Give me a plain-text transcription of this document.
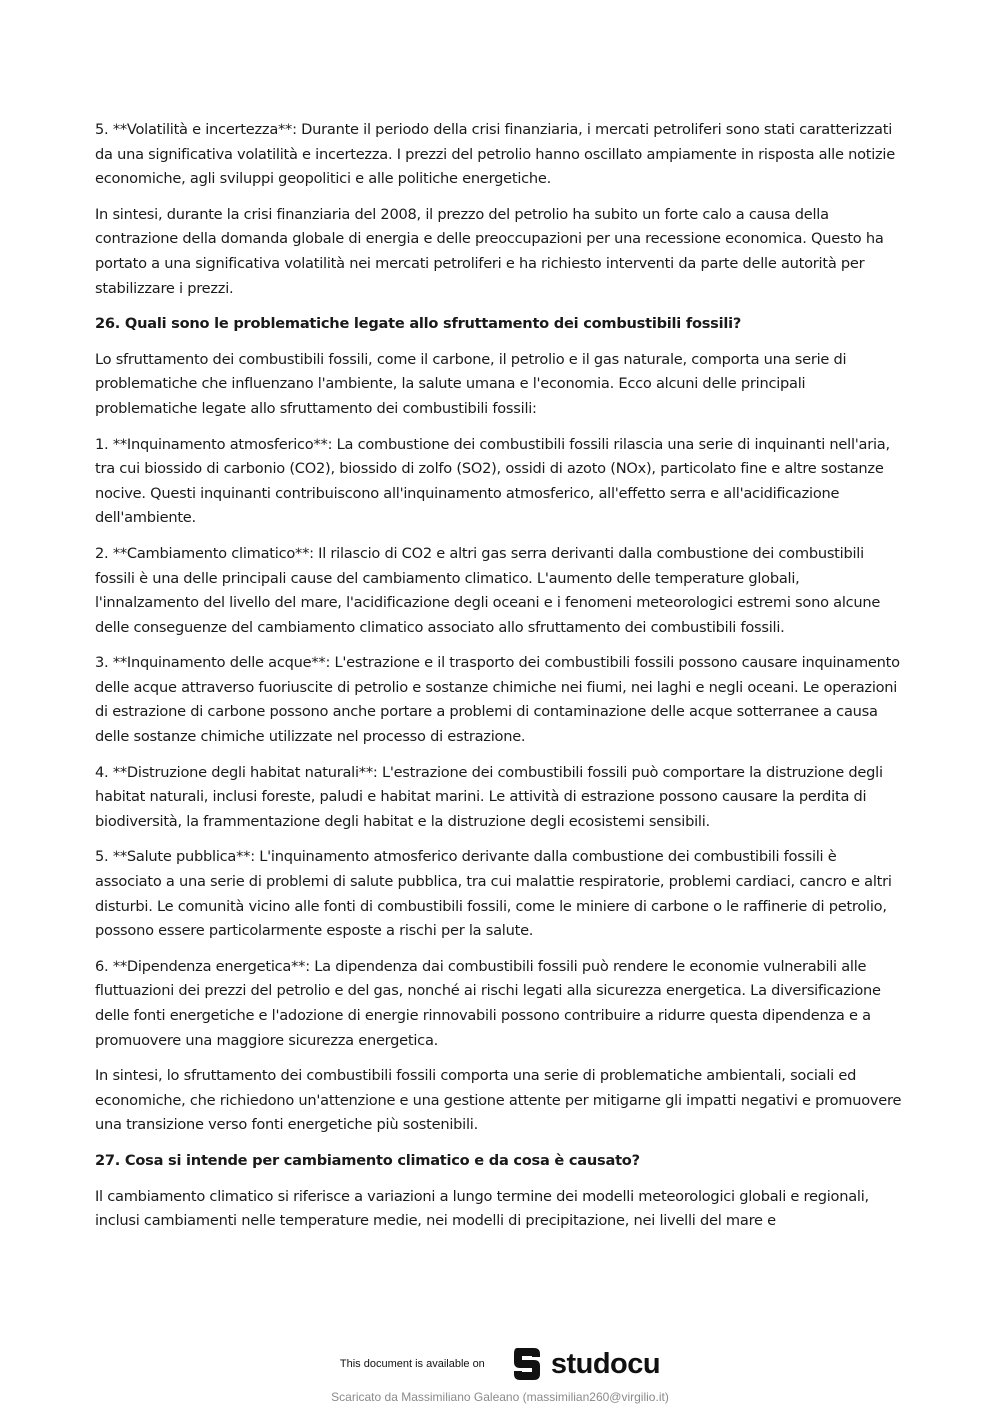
5. **Volatilità e incertezza**: Durante il periodo della crisi finanziaria, i mercati petroliferi sono stati caratterizzati da una significativa volatilità e incertezza. I prezzi del petrolio hanno oscillato ampiamente in risposta alle notizie economiche, agli sviluppi geopolitici e alle politiche energetiche.

In sintesi, durante la crisi finanziaria del 2008, il prezzo del petrolio ha subito un forte calo a causa della contrazione della domanda globale di energia e delle preoccupazioni per una recessione economica. Questo ha portato a una significativa volatilità nei mercati petroliferi e ha richiesto interventi da parte delle autorità per stabilizzare i prezzi.

26. Quali sono le problematiche legate allo sfruttamento dei combustibili fossili?

Lo sfruttamento dei combustibili fossili, come il carbone, il petrolio e il gas naturale, comporta una serie di problematiche che influenzano l'ambiente, la salute umana e l'economia. Ecco alcuni delle principali problematiche legate allo sfruttamento dei combustibili fossili:

1. **Inquinamento atmosferico**: La combustione dei combustibili fossili rilascia una serie di inquinanti nell'aria, tra cui biossido di carbonio (CO2), biossido di zolfo (SO2), ossidi di azoto (NOx), particolato fine e altre sostanze nocive. Questi inquinanti contribuiscono all'inquinamento atmosferico, all'effetto serra e all'acidificazione dell'ambiente.

2. **Cambiamento climatico**: Il rilascio di CO2 e altri gas serra derivanti dalla combustione dei combustibili fossili è una delle principali cause del cambiamento climatico. L'aumento delle temperature globali, l'innalzamento del livello del mare, l'acidificazione degli oceani e i fenomeni meteorologici estremi sono alcune delle conseguenze del cambiamento climatico associato allo sfruttamento dei combustibili fossili.

3. **Inquinamento delle acque**: L'estrazione e il trasporto dei combustibili fossili possono causare inquinamento delle acque attraverso fuoriuscite di petrolio e sostanze chimiche nei fiumi, nei laghi e negli oceani. Le operazioni di estrazione di carbone possono anche portare a problemi di contaminazione delle acque sotterranee a causa delle sostanze chimiche utilizzate nel processo di estrazione.

4. **Distruzione degli habitat naturali**: L'estrazione dei combustibili fossili può comportare la distruzione degli habitat naturali, inclusi foreste, paludi e habitat marini. Le attività di estrazione possono causare la perdita di biodiversità, la frammentazione degli habitat e la distruzione degli ecosistemi sensibili.

5. **Salute pubblica**: L'inquinamento atmosferico derivante dalla combustione dei combustibili fossili è associato a una serie di problemi di salute pubblica, tra cui malattie respiratorie, problemi cardiaci, cancro e altri disturbi. Le comunità vicino alle fonti di combustibili fossili, come le miniere di carbone o le raffinerie di petrolio, possono essere particolarmente esposte a rischi per la salute.

6. **Dipendenza energetica**: La dipendenza dai combustibili fossili può rendere le economie vulnerabili alle fluttuazioni dei prezzi del petrolio e del gas, nonché ai rischi legati alla sicurezza energetica. La diversificazione delle fonti energetiche e l'adozione di energie rinnovabili possono contribuire a ridurre questa dipendenza e a promuovere una maggiore sicurezza energetica.

In sintesi, lo sfruttamento dei combustibili fossili comporta una serie di problematiche ambientali, sociali ed economiche, che richiedono un'attenzione e una gestione attente per mitigarne gli impatti negativi e promuovere una transizione verso fonti energetiche più sostenibili.

27. Cosa si intende per cambiamento climatico e da cosa è causato?

Il cambiamento climatico si riferisce a variazioni a lungo termine dei modelli meteorologici globali e regionali, inclusi cambiamenti nelle temperature medie, nei modelli di precipitazione, nei livelli del mare e

This document is available on studocu
Scaricato da Massimiliano Galeano (massimilian260@virgilio.it)
